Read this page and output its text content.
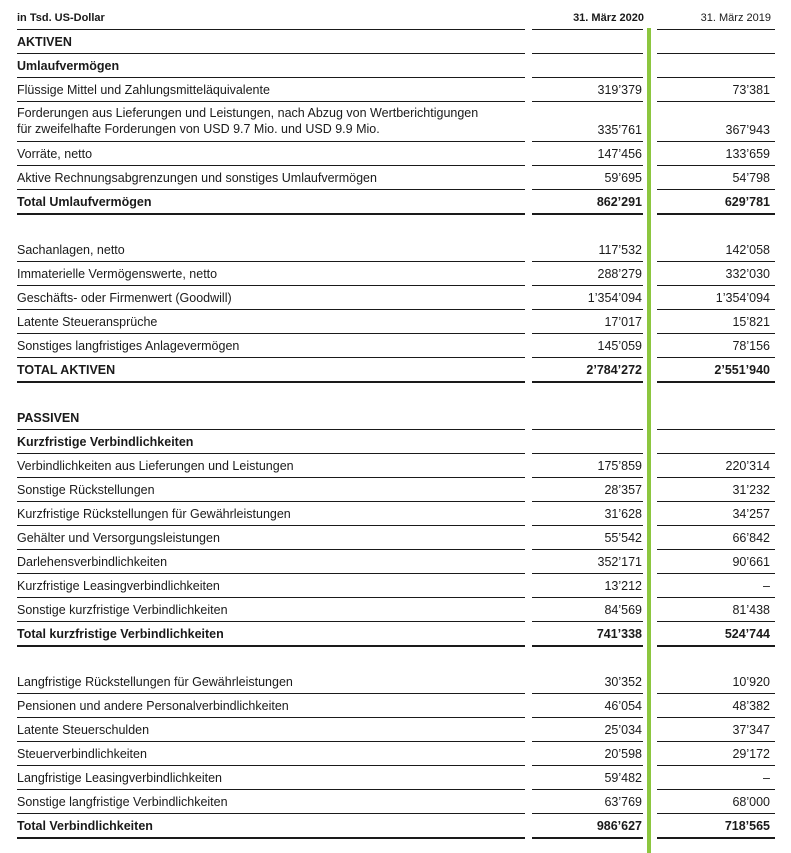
in Tsd. US-Dollar	31. März 2020	31. März 2019
AKTIVEN
Umlaufvermögen
Flüssige Mittel und Zahlungsmitteläquivalente	319’379	73’381
Forderungen aus Lieferungen und Leistungen, nach Abzug von Wertberichtigungen
für zweifelhafte Forderungen von USD 9.7 Mio. und USD 9.9 Mio.	335’761	367’943
Vorräte, netto	147’456	133’659
Aktive Rechnungsabgrenzungen und sonstiges Umlaufvermögen	59’695	54’798
Total Umlaufvermögen	862’291	629’781
Sachanlagen, netto	117’532	142’058
Immaterielle Vermögenswerte, netto	288’279	332’030
Geschäfts- oder Firmenwert (Goodwill)	1’354’094	1’354’094
Latente Steueransprüche	17’017	15’821
Sonstiges langfristiges Anlagevermögen	145’059	78’156
TOTAL AKTIVEN	2’784’272	2’551’940
PASSIVEN
Kurzfristige Verbindlichkeiten
Verbindlichkeiten aus Lieferungen und Leistungen	175’859	220’314
Sonstige Rückstellungen	28’357	31’232
Kurzfristige Rückstellungen für Gewährleistungen	31’628	34’257
Gehälter und Versorgungsleistungen	55’542	66’842
Darlehensverbindlichkeiten	352’171	90’661
Kurzfristige Leasingverbindlichkeiten	13’212	–
Sonstige kurzfristige Verbindlichkeiten	84’569	81’438
Total kurzfristige Verbindlichkeiten	741’338	524’744
Langfristige Rückstellungen für Gewährleistungen	30’352	10’920
Pensionen und andere Personalverbindlichkeiten	46’054	48’382
Latente Steuerschulden	25’034	37’347
Steuerverbindlichkeiten	20’598	29’172
Langfristige Leasingverbindlichkeiten	59’482	–
Sonstige langfristige Verbindlichkeiten	63’769	68’000
Total Verbindlichkeiten	986’627	718’565
